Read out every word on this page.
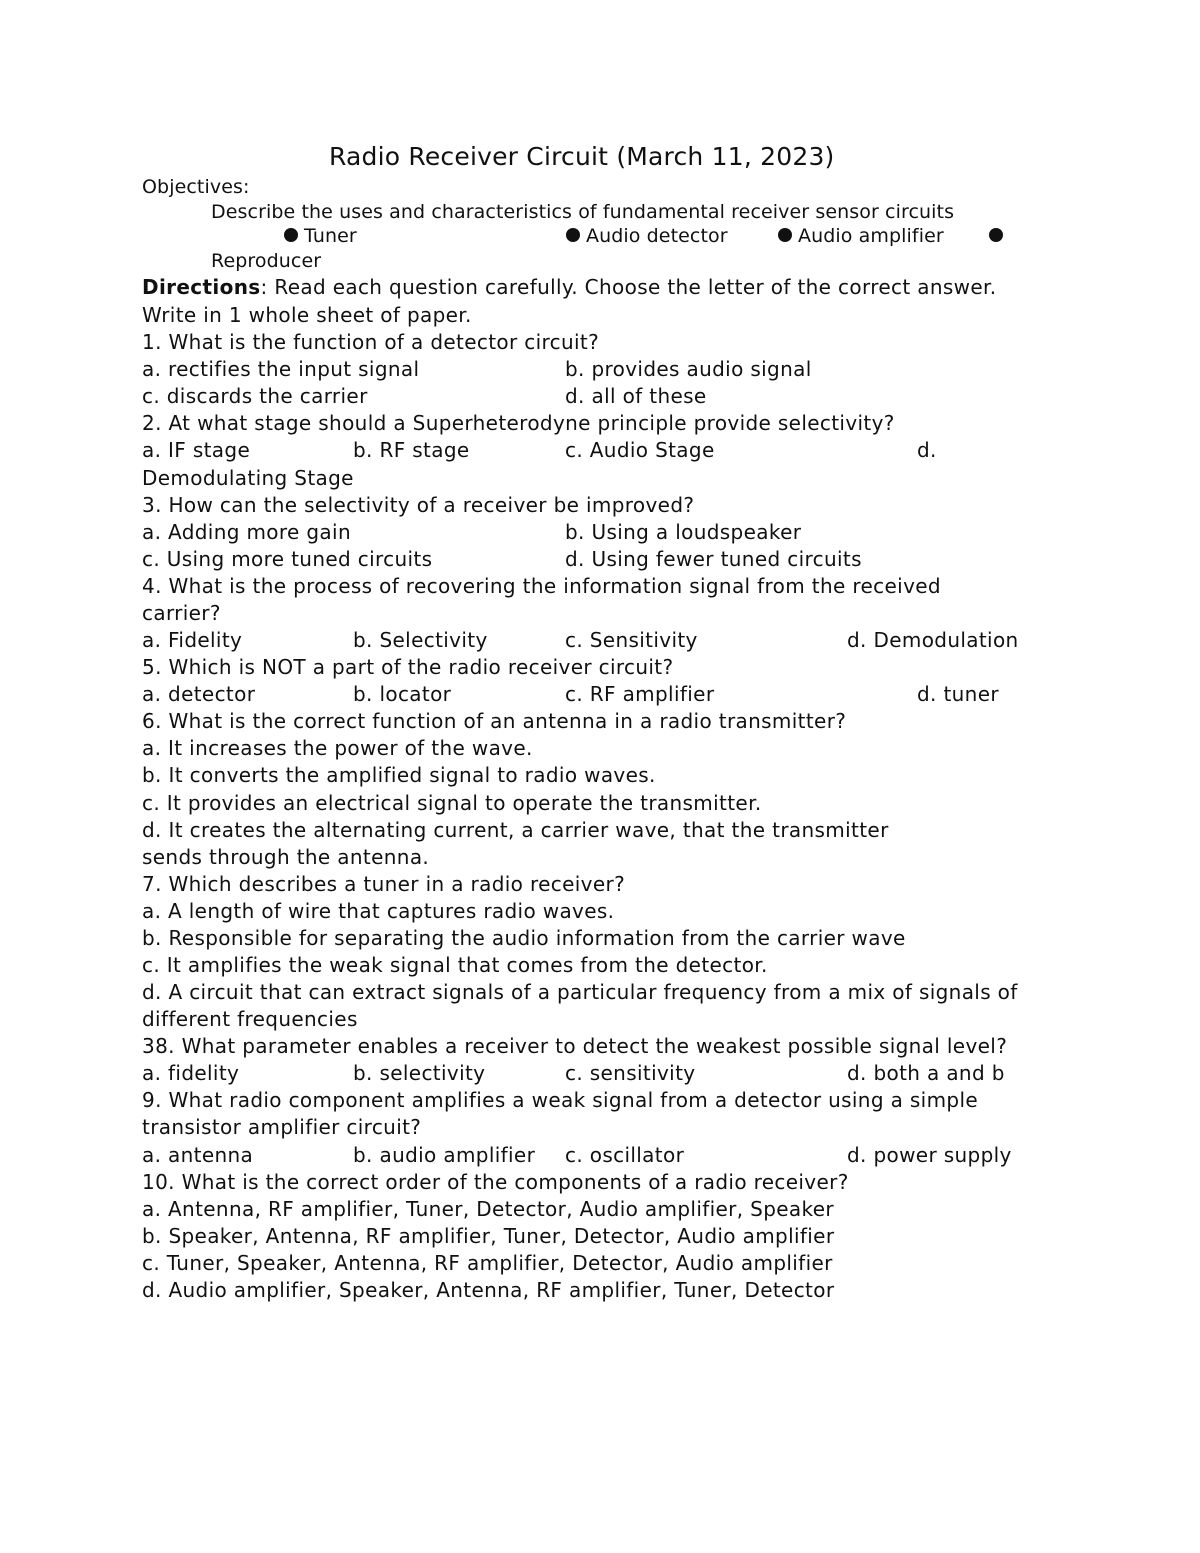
Radio Receiver Circuit (March 11, 2023)
Objectives:
Describe the uses and characteristics of fundamental receiver sensor circuits
Tuner	Audio detector	Audio amplifier
Reproducer
Directions: Read each question carefully. Choose the letter of the correct answer.
Write in 1 whole sheet of paper.
1. What is the function of a detector circuit?
a. rectifies the input signal	b. provides audio signal
c. discards the carrier	d. all of these
2. At what stage should a Superheterodyne principle provide selectivity?
a. IF stage	b. RF stage	c. Audio Stage	d.
Demodulating Stage
3. How can the selectivity of a receiver be improved?
a. Adding more gain	b. Using a loudspeaker
c. Using more tuned circuits	d. Using fewer tuned circuits
4. What is the process of recovering the information signal from the received
carrier?
a. Fidelity	b. Selectivity	c. Sensitivity	d. Demodulation
5. Which is NOT a part of the radio receiver circuit?
a. detector	b. locator	c. RF amplifier	d. tuner
6. What is the correct function of an antenna in a radio transmitter?
a. It increases the power of the wave.
b. It converts the amplified signal to radio waves.
c. It provides an electrical signal to operate the transmitter.
d. It creates the alternating current, a carrier wave, that the transmitter
sends through the antenna.
7. Which describes a tuner in a radio receiver?
a. A length of wire that captures radio waves.
b. Responsible for separating the audio information from the carrier wave
c. It amplifies the weak signal that comes from the detector.
d. A circuit that can extract signals of a particular frequency from a mix of signals of
different frequencies
38. What parameter enables a receiver to detect the weakest possible signal level?
a. fidelity	b. selectivity	c. sensitivity	d. both a and b
9. What radio component amplifies a weak signal from a detector using a simple
transistor amplifier circuit?
a. antenna	b. audio amplifier c. oscillator	d. power supply
10. What is the correct order of the components of a radio receiver?
a. Antenna, RF amplifier, Tuner, Detector, Audio amplifier, Speaker
b. Speaker, Antenna, RF amplifier, Tuner, Detector, Audio amplifier
c. Tuner, Speaker, Antenna, RF amplifier, Detector, Audio amplifier
d. Audio amplifier, Speaker, Antenna, RF amplifier, Tuner, Detector
